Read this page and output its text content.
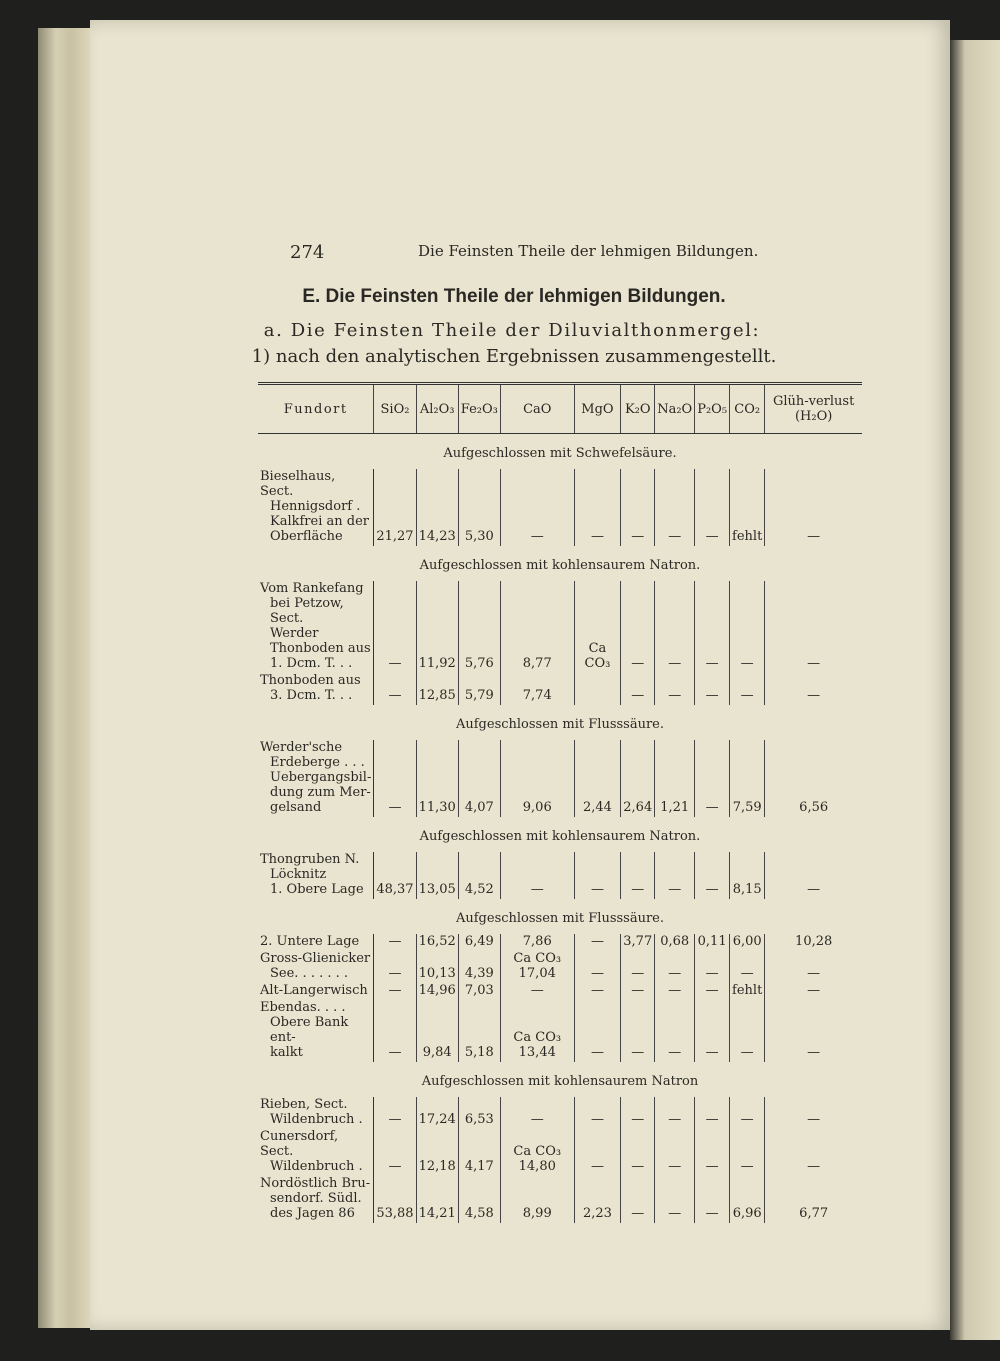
274	Die Feinsten Theile der lehmigen Bildungen.
E. Die Feinsten Theile der lehmigen Bildungen.
a. Die Feinsten Theile der Diluvialthonmergel:
1) nach den analytischen Ergebnissen zusammengestellt.
Fundort	SiO₂	Al₂O₃	Fe₂O₃	CaO	MgO	K₂O	Na₂O	P₂O₅	CO₂	Glüh-verlust (H₂O)
Aufgeschlossen mit Schwefelsäure.										

Bieselhaus, Sect.
Hennigsdorf .
Kalkfrei an der
Oberfläche	21,27	14,23	5,30	—	—	—	—	—	fehlt	—
Aufgeschlossen mit kohlensaurem Natron.										

Vom Rankefang
bei Petzow, Sect.
Werder
Thonboden aus
1. Dcm. T. . .	—	11,92	5,76	8,77	Ca CO₃	—	—	—	—	—

Thonboden aus
3. Dcm. T. . .	—	12,85	5,79	7,74		—	—	—	—	—
Aufgeschlossen mit Flusssäure.										

Werder'sche
Erdeberge . . .
Uebergangsbil-
dung zum Mer-
gelsand	—	11,30	4,07	9,06	2,44	2,64	1,21	—	7,59	6,56
Aufgeschlossen mit kohlensaurem Natron.										

Thongruben N.
Löcknitz
1. Obere Lage	48,37	13,05	4,52	—	—	—	—	—	8,15	—
Aufgeschlossen mit Flusssäure.										

2. Untere Lage	—	16,52	6,49	7,86	—	3,77	0,68	0,11	6,00	10,28

Gross-Glienicker
See. . . . . . .	—	10,13	4,39	Ca CO₃ 17,04	—	—	—	—	—	—

Alt-Langerwisch	—	14,96	7,03	—	—	—	—	—	fehlt	—

Ebendas. . . .
Obere Bank ent-
kalkt	—	9,84	5,18	Ca CO₃ 13,44	—	—	—	—	—	—
Aufgeschlossen mit kohlensaurem Natron										

Rieben, Sect.
Wildenbruch .	—	17,24	6,53	—	—	—	—	—	—	—

Cunersdorf, Sect.
Wildenbruch .	—	12,18	4,17	Ca CO₃ 14,80	—	—	—	—	—	—

Nordöstlich Bru-
sendorf. Südl.
des Jagen 86	53,88	14,21	4,58	8,99	2,23	—	—	—	6,96	6,77
